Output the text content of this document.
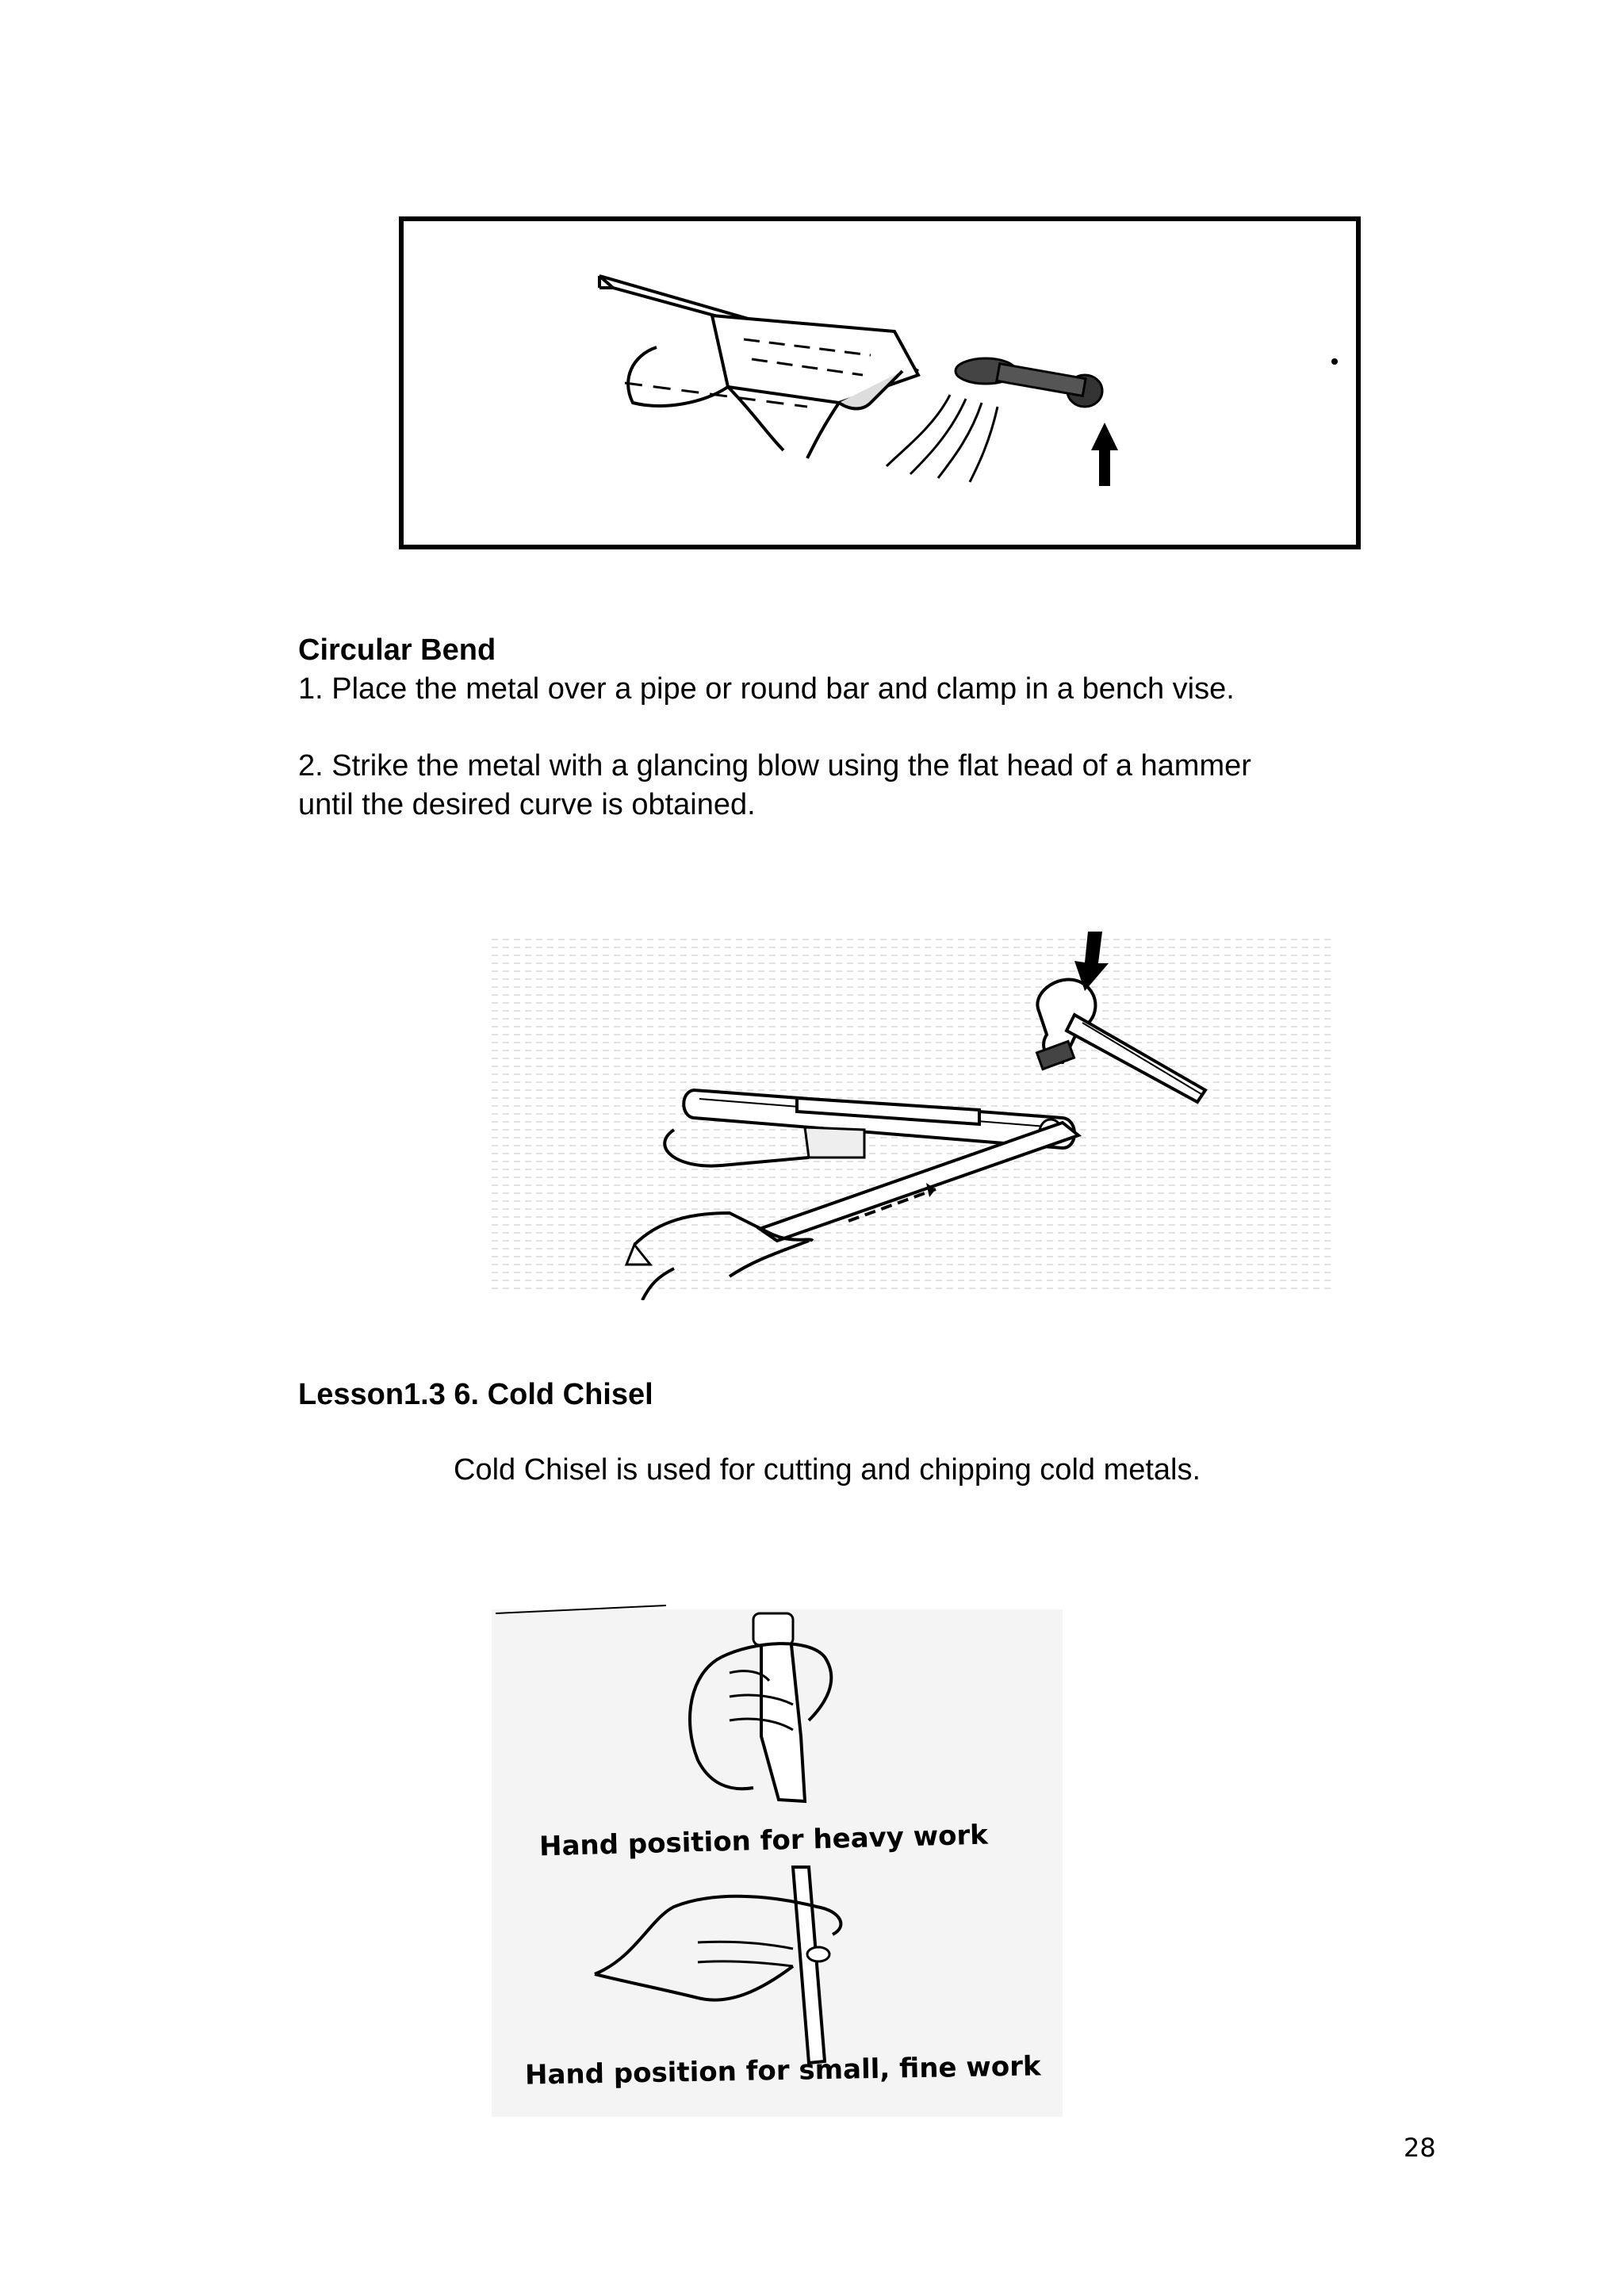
Circular Bend
1. Place the metal over a pipe or round bar and clamp in a bench vise.
2. Strike the metal with a glancing blow using the flat head of a hammer
until the desired curve is obtained.
Lesson1.3 6. Cold Chisel
Cold Chisel is used for cutting and chipping cold metals.
Hand position for heavy work
Hand position for small, fine work
28
